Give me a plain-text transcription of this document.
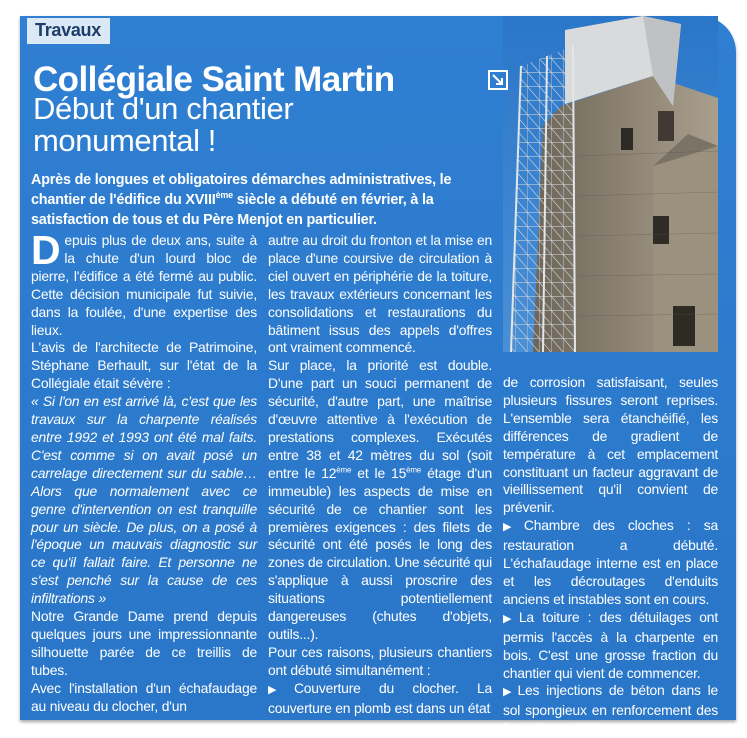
Travaux
Collégiale Saint Martin
Début d'un chantier monumental !
Après de longues et obligatoires démarches administratives, le chantier de l'édifice du XVIIIème siècle a débuté en février, à la satisfaction de tous et du Père Menjot en particulier.

Depuis plus de deux ans, suite à la chute d'un lourd bloc de pierre, l'édifice a été fermé au public. Cette décision municipale fut suivie, dans la foulée, d'une expertise des lieux.

L'avis de l'architecte de Patrimoine, Stéphane Berhault, sur l'état de la Collégiale était sévère :

« Si l'on en est arrivé là, c'est que les travaux sur la charpente réalisés entre 1992 et 1993 ont été mal faits. C'est comme si on avait posé un carrelage directement sur du sable… Alors que normalement avec ce genre d'intervention on est tranquille pour un siècle. De plus, on a posé à l'époque un mauvais diagnostic sur ce qu'il fallait faire. Et personne ne s'est penché sur la cause de ces infiltrations »

Notre Grande Dame prend depuis quelques jours une impressionnante silhouette parée de ce treillis de tubes.

Avec l'installation d'un échafaudage au niveau du clocher, d'un

autre au droit du fronton et la mise en place d'une coursive de circulation à ciel ouvert en périphérie de la toiture, les travaux extérieurs concernant les consolidations et restaurations du bâtiment issus des appels d'offres ont vraiment commencé.

Sur place, la priorité est double. D'une part un souci permanent de sécurité, d'autre part, une maîtrise d'œuvre attentive à l'exécution de prestations complexes. Exécutés entre 38 et 42 mètres du sol (soit entre le 12ème et le 15ème étage d'un immeuble) les aspects de mise en sécurité de ce chantier sont les premières exigences : des filets de sécurité ont été posés le long des zones de circulation. Une sécurité qui s'applique à aussi proscrire des situations potentiellement dangereuses (chutes d'objets, outils...).

Pour ces raisons, plusieurs chantiers ont débuté simultanément :

▶ Couverture du clocher. La couverture en plomb est dans un état

de corrosion satisfaisant, seules plusieurs fissures seront reprises. L'ensemble sera étanchéifié, les différences de gradient de température à cet emplacement constituant un facteur aggravant de vieillissement qu'il convient de prévenir.

▶ Chambre des cloches : sa restauration a débuté. L'échafaudage interne est en place et les décroutages d'enduits anciens et instables sont en cours.

▶ La toiture : des détuilages ont permis l'accès à la charpente en bois. C'est une grosse fraction du chantier qui vient de commencer.

▶ Les injections de béton dans le sol spongieux en renforcement des fondations initiales
